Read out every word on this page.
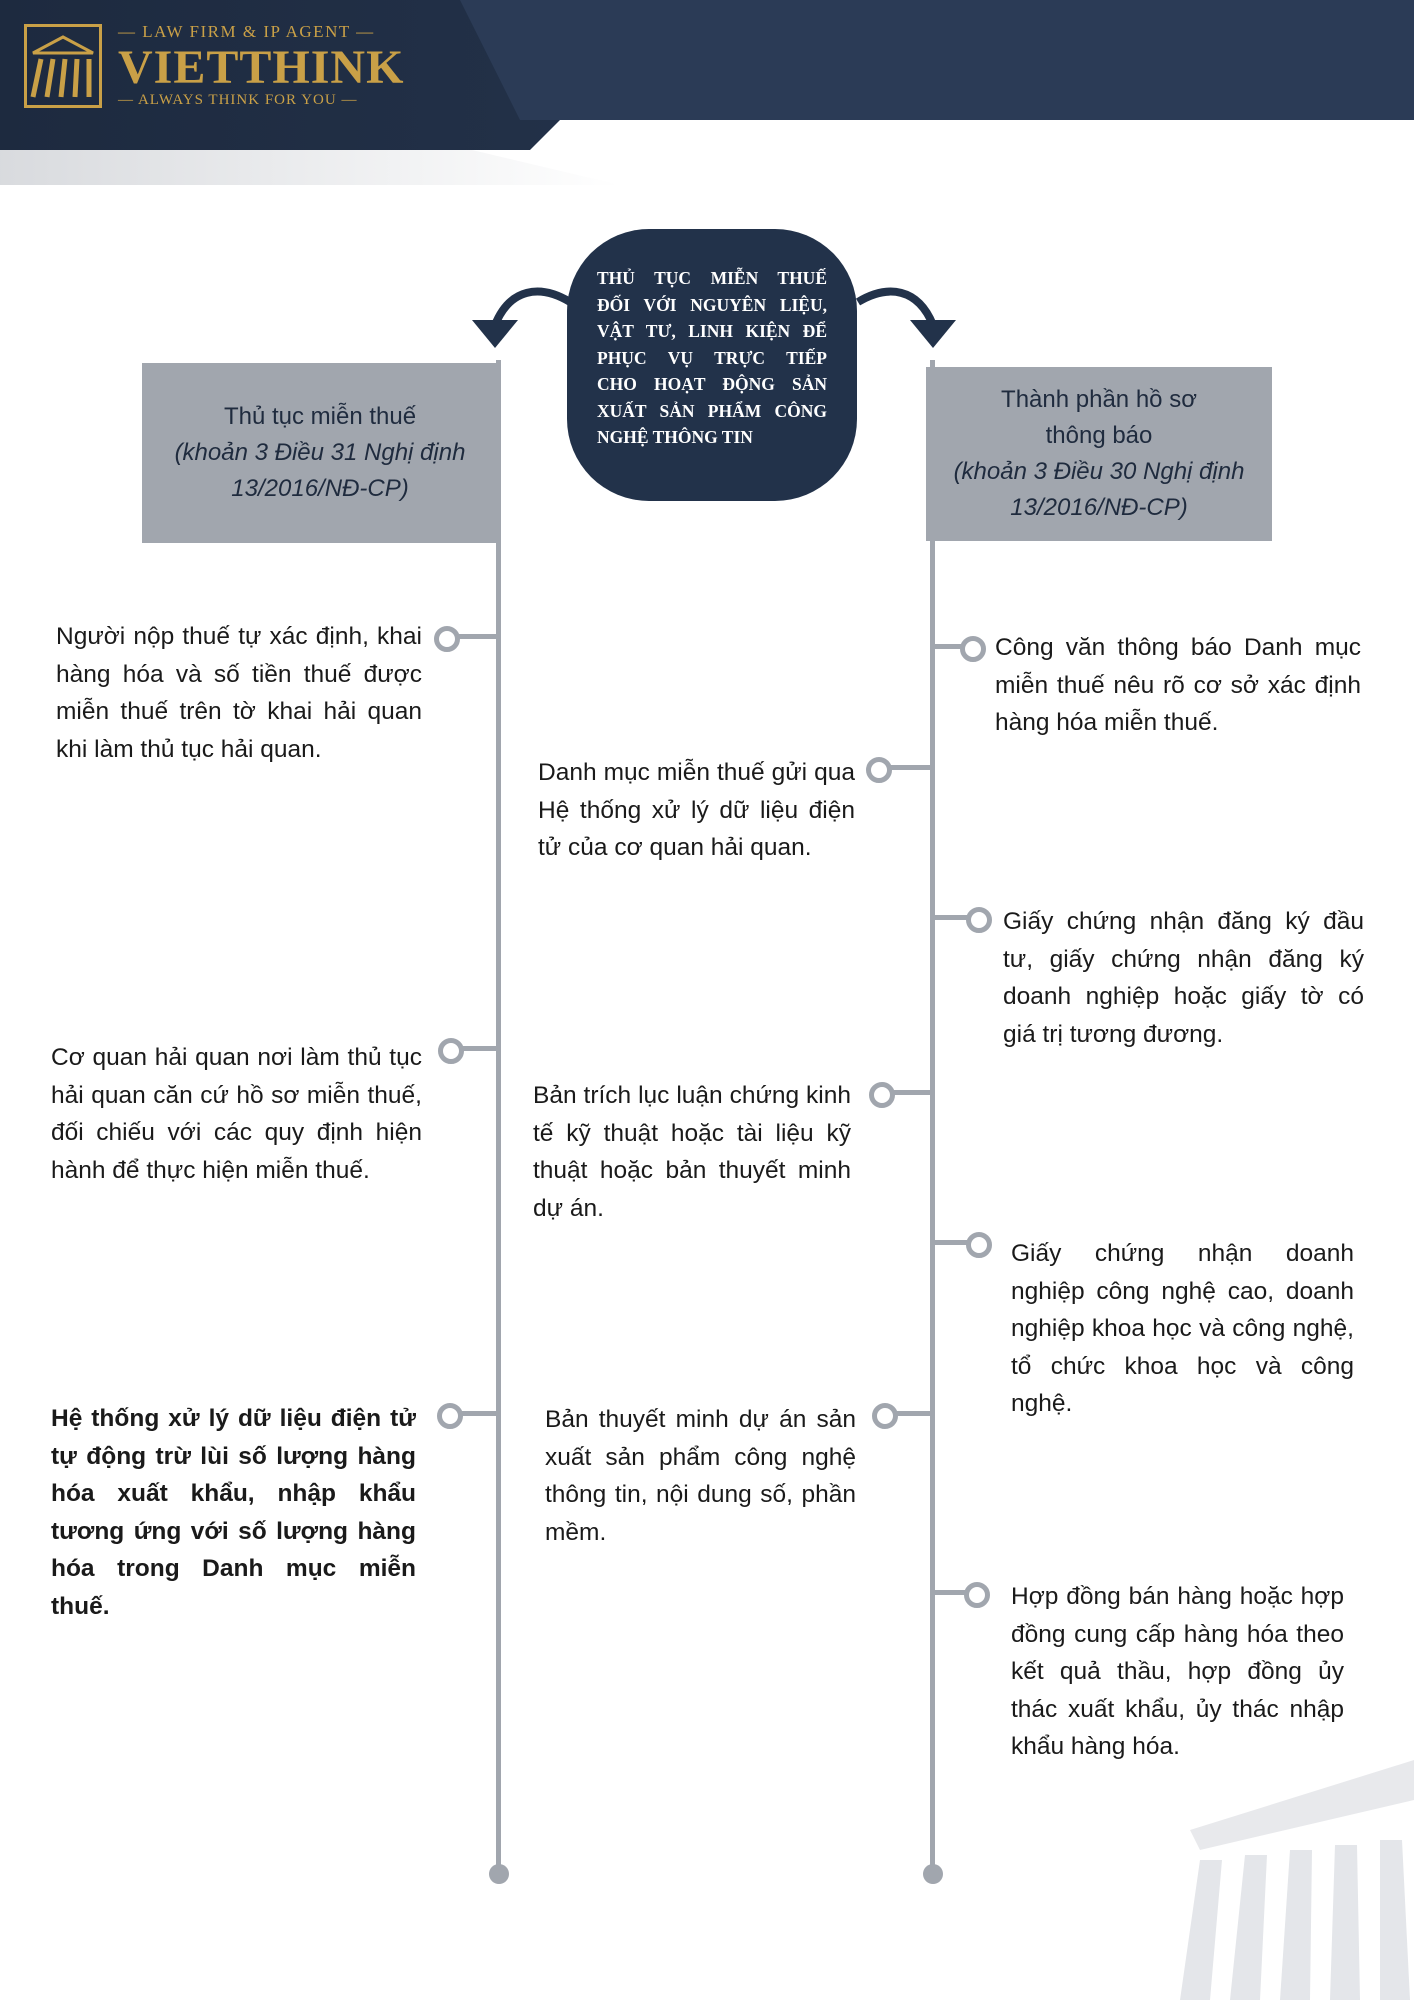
— LAW FIRM & IP AGENT —
VIETTHINK
— ALWAYS THINK FOR YOU —
Thủ tục miễn thuế
(khoản 3 Điều 31 Nghị định
13/2016/NĐ-CP)
Thành phần hồ sơ
thông báo
(khoản 3 Điều 30 Nghị định
13/2016/NĐ-CP)
THỦ TỤC MIỄN THUẾ
ĐỐI VỚI NGUYÊN LIỆU,
VẬT TƯ, LINH KIỆN ĐỂ
PHỤC VỤ TRỰC TIẾP
CHO HOẠT ĐỘNG SẢN
XUẤT SẢN PHẨM CÔNG
NGHỆ THÔNG TIN
Người nộp thuế tự xác định, khai hàng hóa và số tiền thuế được miễn thuế trên tờ khai hải quan khi làm thủ tục hải quan.
Cơ quan hải quan nơi làm thủ tục hải quan căn cứ hồ sơ miễn thuế, đối chiếu với các quy định hiện hành để thực hiện miễn thuế.
Hệ thống xử lý dữ liệu điện tử tự động trừ lùi số lượng hàng hóa xuất khẩu, nhập khẩu tương ứng với số lượng hàng hóa trong Danh mục miễn thuế.
Danh mục miễn thuế gửi qua Hệ thống xử lý dữ liệu điện tử của cơ quan hải quan.
Bản trích lục luận chứng kinh tế kỹ thuật hoặc tài liệu kỹ thuật hoặc bản thuyết minh dự án.
Bản thuyết minh dự án sản xuất sản phẩm công nghệ thông tin, nội dung số, phần mềm.
Công văn thông báo Danh mục miễn thuế nêu rõ cơ sở xác định hàng hóa miễn thuế.
Giấy chứng nhận đăng ký đầu tư, giấy chứng nhận đăng ký doanh nghiệp hoặc giấy tờ có giá trị tương đương.
Giấy chứng nhận doanh nghiệp công nghệ cao, doanh nghiệp khoa học và công nghệ, tổ chức khoa học và công nghệ.
Hợp đồng bán hàng hoặc hợp đồng cung cấp hàng hóa theo kết quả thầu, hợp đồng ủy thác xuất khẩu, ủy thác nhập khẩu hàng hóa.
